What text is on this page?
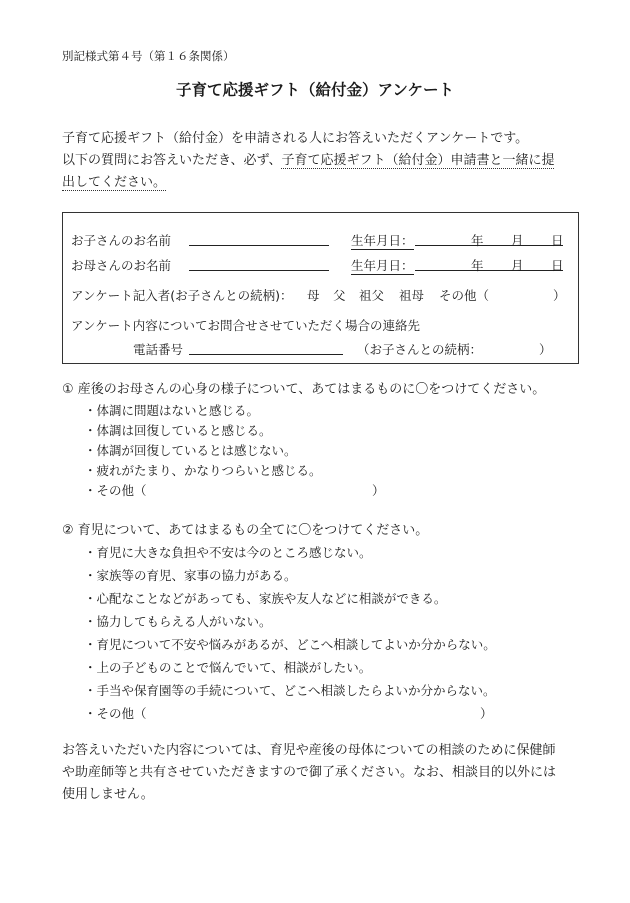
別記様式第４号（第１６条関係）
子育て応援ギフト（給付金）アンケート
子育て応援ギフト（給付金）を申請される人にお答えいただくアンケートです。
以下の質問にお答えいただき、必ず、子育て応援ギフト（給付金）申請書と一緒に提
出してください。
お子さんのお名前	生年月日：	年 月 日
お母さんのお名前	生年月日：	年 月 日
アンケート記入者(お子さんとの続柄)： 母 父 祖父 祖母 その他（	）
アンケート内容についてお問合せさせていただく場合の連絡先
電話番号	（お子さんとの続柄：	）
① 産後のお母さんの心身の様子について、あてはまるものに〇をつけてください。
・体調に問題はないと感じる。
・体調は回復していると感じる。
・体調が回復しているとは感じない。
・疲れがたまり、かなりつらいと感じる。
・その他（	）
② 育児について、あてはまるもの全てに〇をつけてください。
・育児に大きな負担や不安は今のところ感じない。
・家族等の育児、家事の協力がある。
・心配なことなどがあっても、家族や友人などに相談ができる。
・協力してもらえる人がいない。
・育児について不安や悩みがあるが、どこへ相談してよいか分からない。
・上の子どものことで悩んでいて、相談がしたい。
・手当や保育園等の手続について、どこへ相談したらよいか分からない。
・その他（	）
お答えいただいた内容については、育児や産後の母体についての相談のために保健師
や助産師等と共有させていただきますので御了承ください。なお、相談目的以外には
使用しません。
